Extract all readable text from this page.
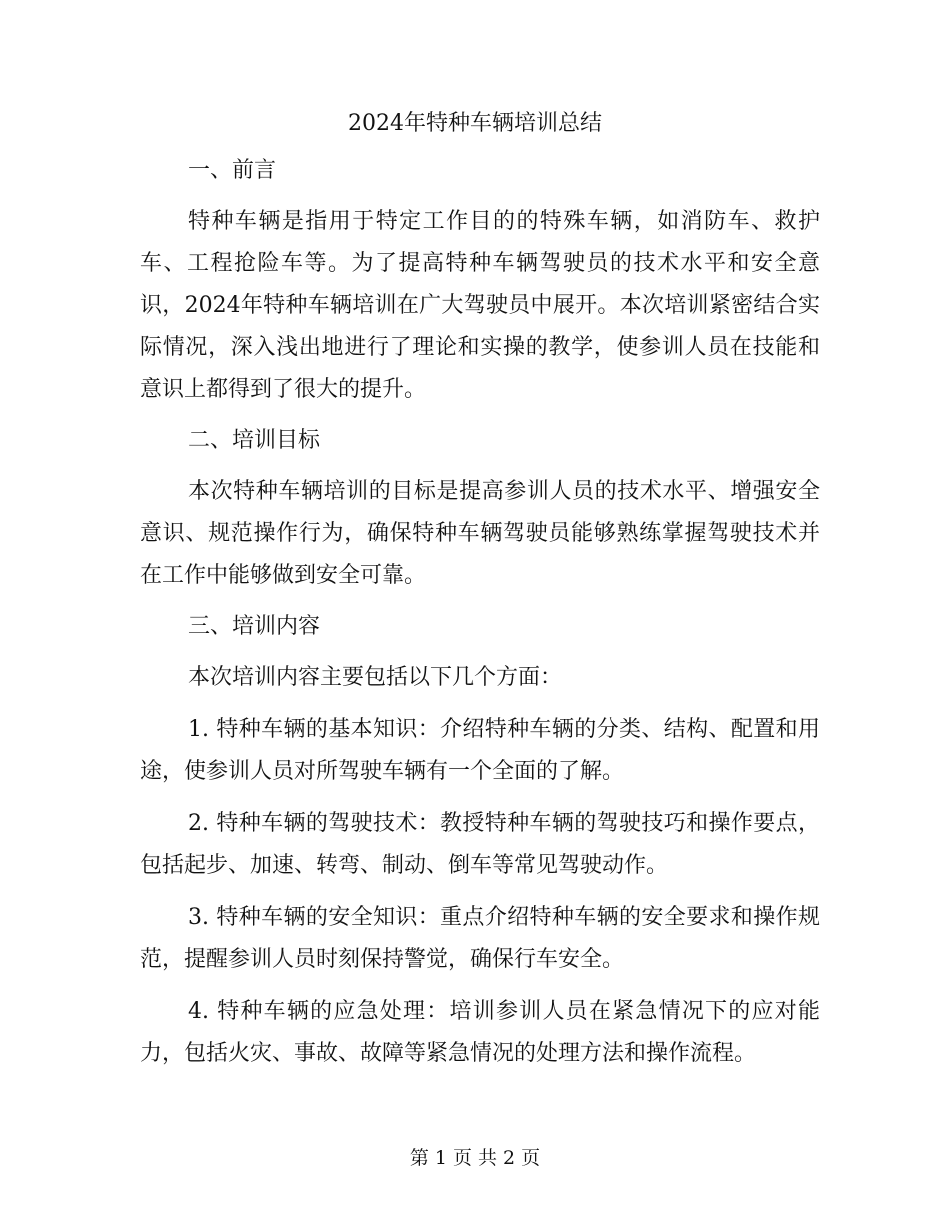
2024年特种车辆培训总结
一、前言

特种车辆是指用于特定工作目的的特殊车辆，如消防车、救护车、工程抢险车等。为了提高特种车辆驾驶员的技术水平和安全意识，2024年特种车辆培训在广大驾驶员中展开。本次培训紧密结合实际情况，深入浅出地进行了理论和实操的教学，使参训人员在技能和意识上都得到了很大的提升。

二、培训目标

本次特种车辆培训的目标是提高参训人员的技术水平、增强安全意识、规范操作行为，确保特种车辆驾驶员能够熟练掌握驾驶技术并在工作中能够做到安全可靠。

三、培训内容

本次培训内容主要包括以下几个方面：

1. 特种车辆的基本知识：介绍特种车辆的分类、结构、配置和用途，使参训人员对所驾驶车辆有一个全面的了解。

2. 特种车辆的驾驶技术：教授特种车辆的驾驶技巧和操作要点，包括起步、加速、转弯、制动、倒车等常见驾驶动作。

3. 特种车辆的安全知识：重点介绍特种车辆的安全要求和操作规范，提醒参训人员时刻保持警觉，确保行车安全。

4. 特种车辆的应急处理：培训参训人员在紧急情况下的应对能力，包括火灾、事故、故障等紧急情况的处理方法和操作流程。

第 1 页 共 2 页
